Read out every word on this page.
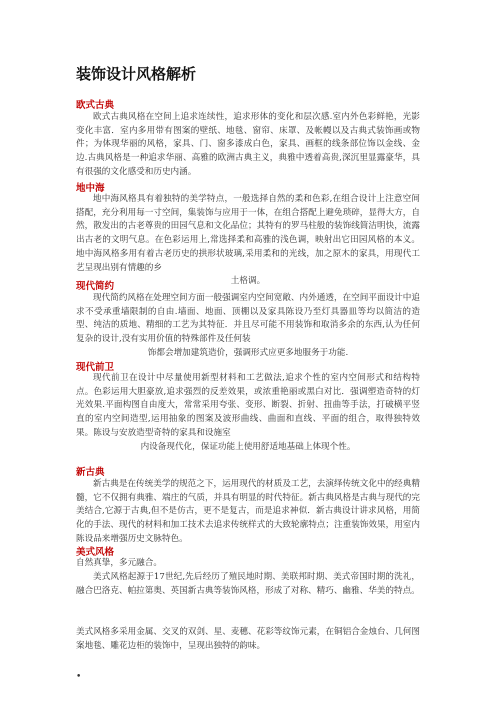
装饰设计风格解析
欧式古典
欧式古典风格在空间上追求连续性，追求形体的变化和层次感.室内外色彩鲜艳，光影变化丰富．室内多用带有图案的壁纸、地毯、窗帘、床罩、及帐幔以及古典式装饰画或物件；为体现华丽的风格，家具、门、窗多漆成白色，家具、画框的线条部位饰以金线、金边.古典风格是一种追求华丽、高雅的欧洲古典主义，典雅中透着高贵,深沉里显露豪华，具有很强的文化感受和历史内涵。
地中海
地中海风格具有着独特的美学特点，一般选择自然的柔和色彩,在组合设计上注意空间搭配，充分利用每一寸空间，集装饰与应用于一体，在组合搭配上避免琐碎，显得大方，自然，散发出的古老尊贵的田园气息和文化品位；其特有的罗马柱般的装饰线简洁明快，流露出古老的文明气息。在色彩运用上,常选择柔和高雅的浅色调，映射出它田园风格的本义。地中海风格多用有着古老历史的拱形状玻璃,采用柔和的光线，加之原木的家具，用现代工艺呈现出别有情趣的乡
土格调。
现代简约
现代简约风格在处理空间方面一般强调室内空间宽敞、内外通透，在空间平面设计中追求不受承重墙限制的自由.墙面、地面、顶棚以及家具陈设乃至灯具器皿等均以简洁的造型、纯洁的质地、精细的工艺为其特征．并且尽可能不用装饰和取消多余的东西,认为任何复杂的设计,没有实用价值的特殊部件及任何装
饰都会增加建筑造价，强调形式应更多地服务于功能.
现代前卫
现代前卫在设计中尽量使用新型材料和工艺做法,追求个性的室内空间形式和结构特点。色彩运用大胆豪放,追求强烈的反差效果，或浓重艳丽或黑白对比．强调塑造奇特的灯光效果.平面构图自由度大，常常采用夸张、变形、断裂、折射、扭曲等手法，打破横平竖直的室内空间造型,运用抽象的图案及波形曲线、曲面和直线、平面的组合，取得独特效果。陈设与安放造型奇特的家具和设施室
内设备现代化，保证功能上使用舒适地基础上体现个性。
新古典
新古典是在传统美学的规范之下，运用现代的材质及工艺，去演绎传统文化中的经典精髓，它不仅拥有典雅、端庄的气质，并具有明显的时代特征。新古典风格是古典与现代的完美结合,它源于古典,但不是仿古，更不是复古，而是追求神似．新古典设计讲求风格，用简化的手法、现代的材料和加工技术去追求传统样式的大致轮廓特点；注重装饰效果，用室内陈设品来增强历史文脉特色。
美式风格
自然真挚，多元融合。
美式风格起源于17世纪,先后经历了殖民地时期、美联邦时期、美式帝国时期的洗礼，融合巴洛克、帕拉第奥、英国新古典等装饰风格，形成了对称、精巧、幽雅、华美的特点。
美式风格多采用金属、交叉的双剑、星、麦穗、花彩等纹饰元素，在铜铝合金烛台、几何图案地毯、雕花边柜的装饰中，呈现出独特的韵味。
•
